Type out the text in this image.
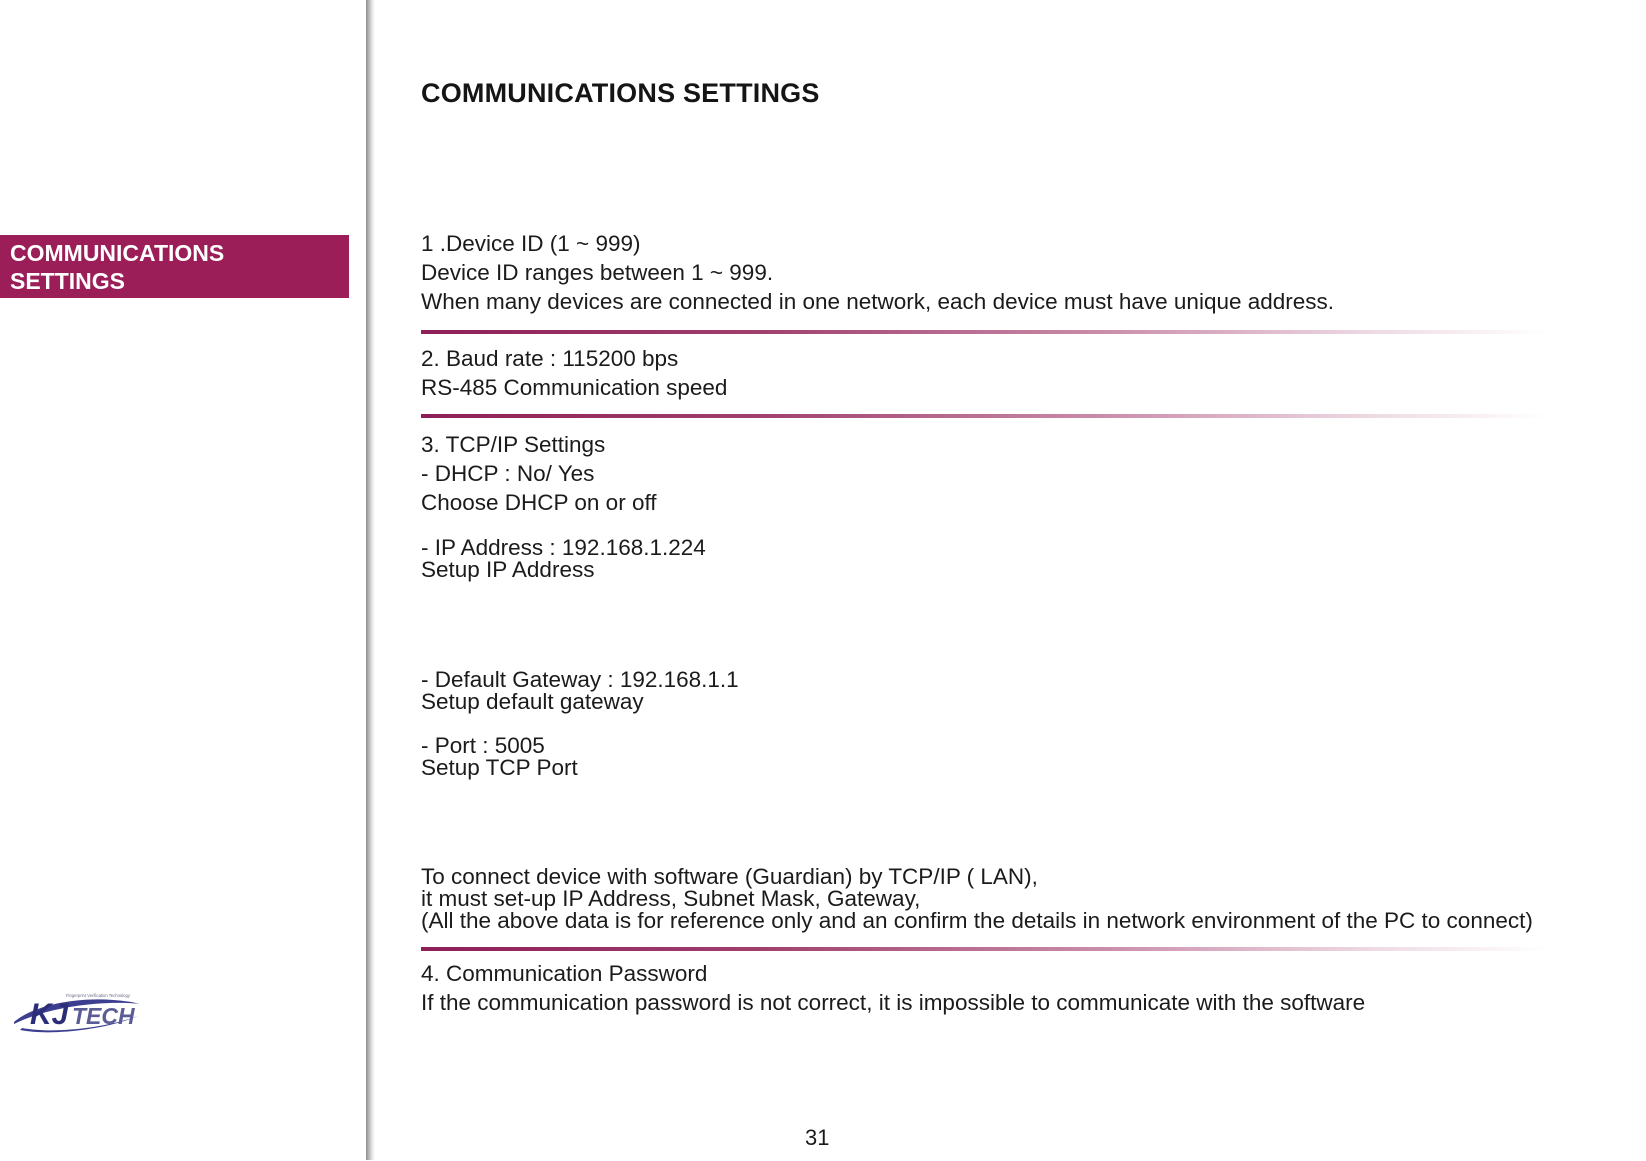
COMMUNICATIONS SETTINGS
COMMUNICATIONS
SETTINGS
1 .Device ID (1 ~ 999)
Device ID ranges between 1 ~ 999.
When many devices are connected in one network, each device must have unique address.
2. Baud rate : 115200 bps
RS-485 Communication speed
3. TCP/IP Settings
- DHCP : No/ Yes
Choose DHCP on or off
- IP Address : 192.168.1.224
Setup IP Address
- Default Gateway : 192.168.1.1
Setup default gateway
- Port : 5005
Setup TCP Port
To connect device with software (Guardian) by TCP/IP ( LAN),
it must set-up IP Address, Subnet Mask, Gateway,
(All the above data is for reference only and an confirm the details in network environment of the PC to connect)
4. Communication Password
If the communication password is not correct, it is impossible to communicate with the software
KJ TECH
Fingerprint Verification Technology
31
